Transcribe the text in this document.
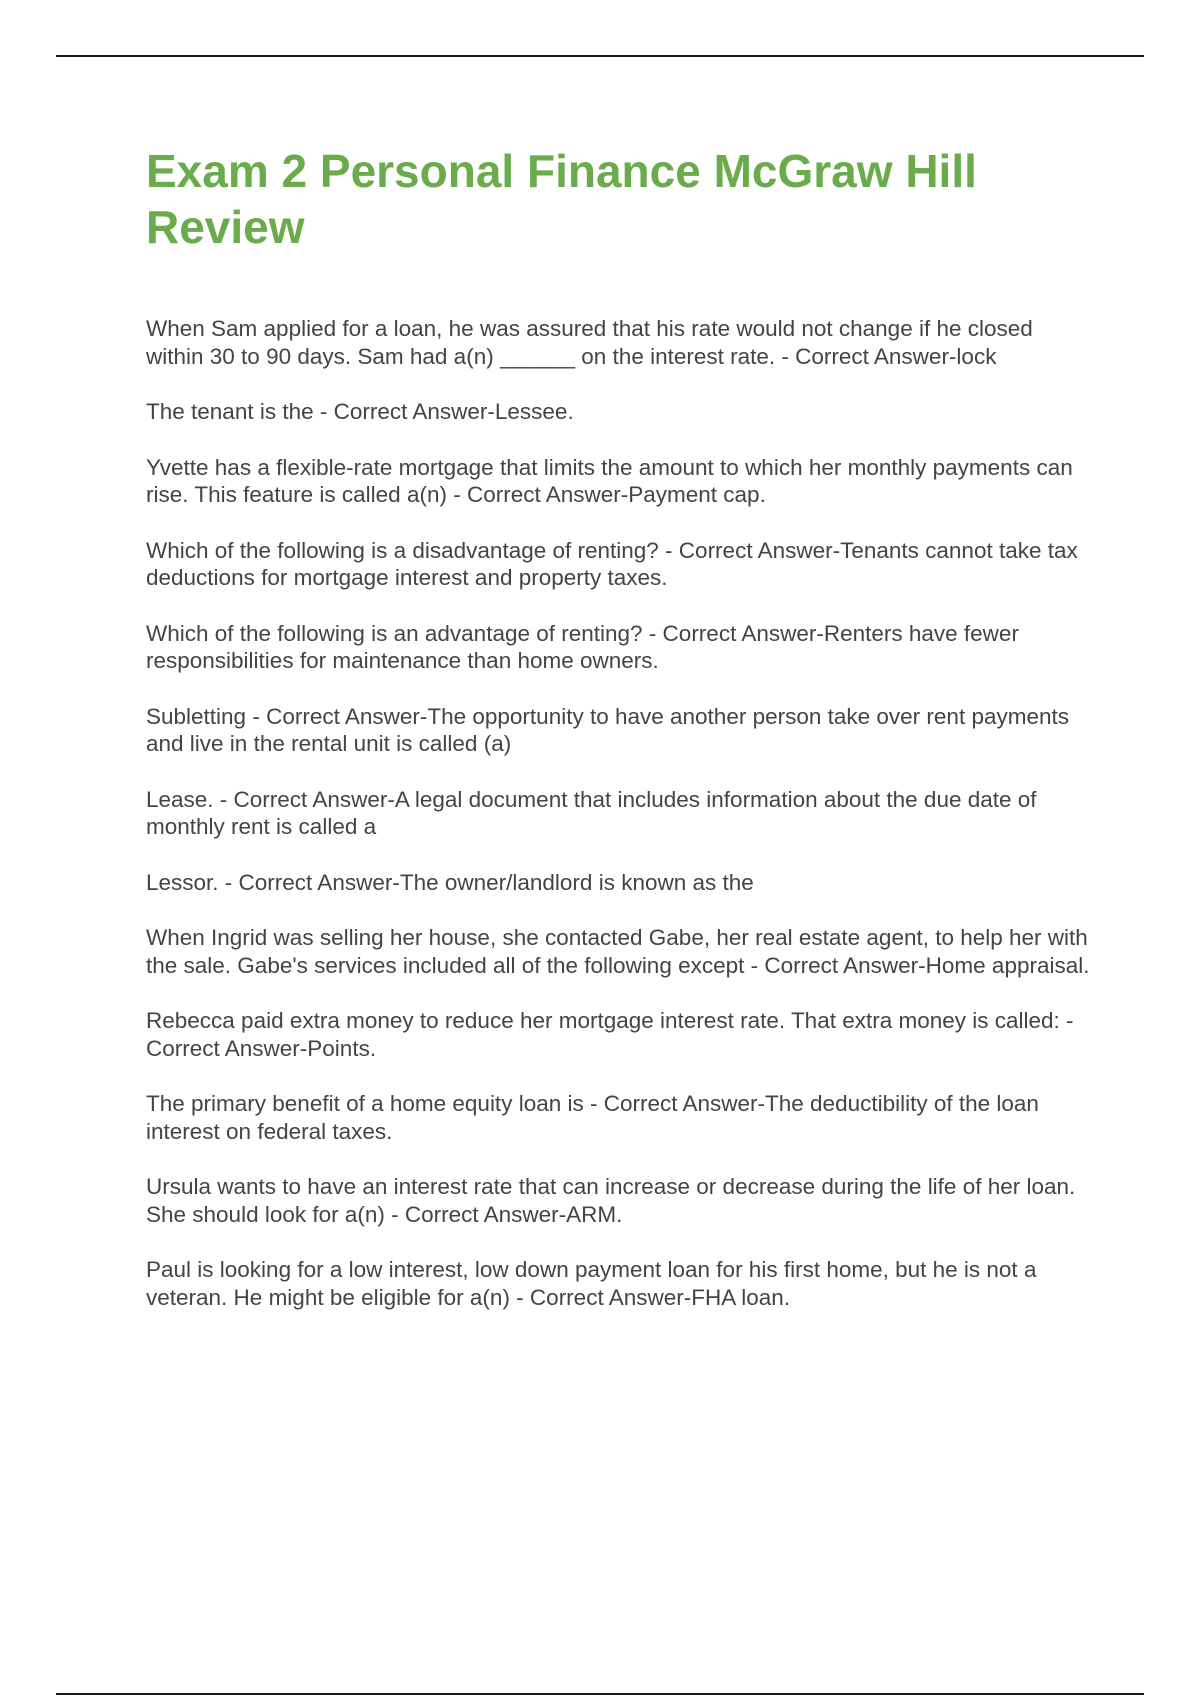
Exam 2 Personal Finance McGraw Hill Review
When Sam applied for a loan, he was assured that his rate would not change if he closed within 30 to 90 days. Sam had a(n) ______ on the interest rate. - Correct Answer-lock
The tenant is the - Correct Answer-Lessee.
Yvette has a flexible-rate mortgage that limits the amount to which her monthly payments can rise. This feature is called a(n) - Correct Answer-Payment cap.
Which of the following is a disadvantage of renting? - Correct Answer-Tenants cannot take tax deductions for mortgage interest and property taxes.
Which of the following is an advantage of renting? - Correct Answer-Renters have fewer responsibilities for maintenance than home owners.
Subletting - Correct Answer-The opportunity to have another person take over rent payments and live in the rental unit is called (a)
Lease. - Correct Answer-A legal document that includes information about the due date of monthly rent is called a
Lessor. - Correct Answer-The owner/landlord is known as the
When Ingrid was selling her house, she contacted Gabe, her real estate agent, to help her with the sale. Gabe's services included all of the following except - Correct Answer-Home appraisal.
Rebecca paid extra money to reduce her mortgage interest rate. That extra money is called: - Correct Answer-Points.
The primary benefit of a home equity loan is - Correct Answer-The deductibility of the loan interest on federal taxes.
Ursula wants to have an interest rate that can increase or decrease during the life of her loan. She should look for a(n) - Correct Answer-ARM.
Paul is looking for a low interest, low down payment loan for his first home, but he is not a veteran. He might be eligible for a(n) - Correct Answer-FHA loan.
